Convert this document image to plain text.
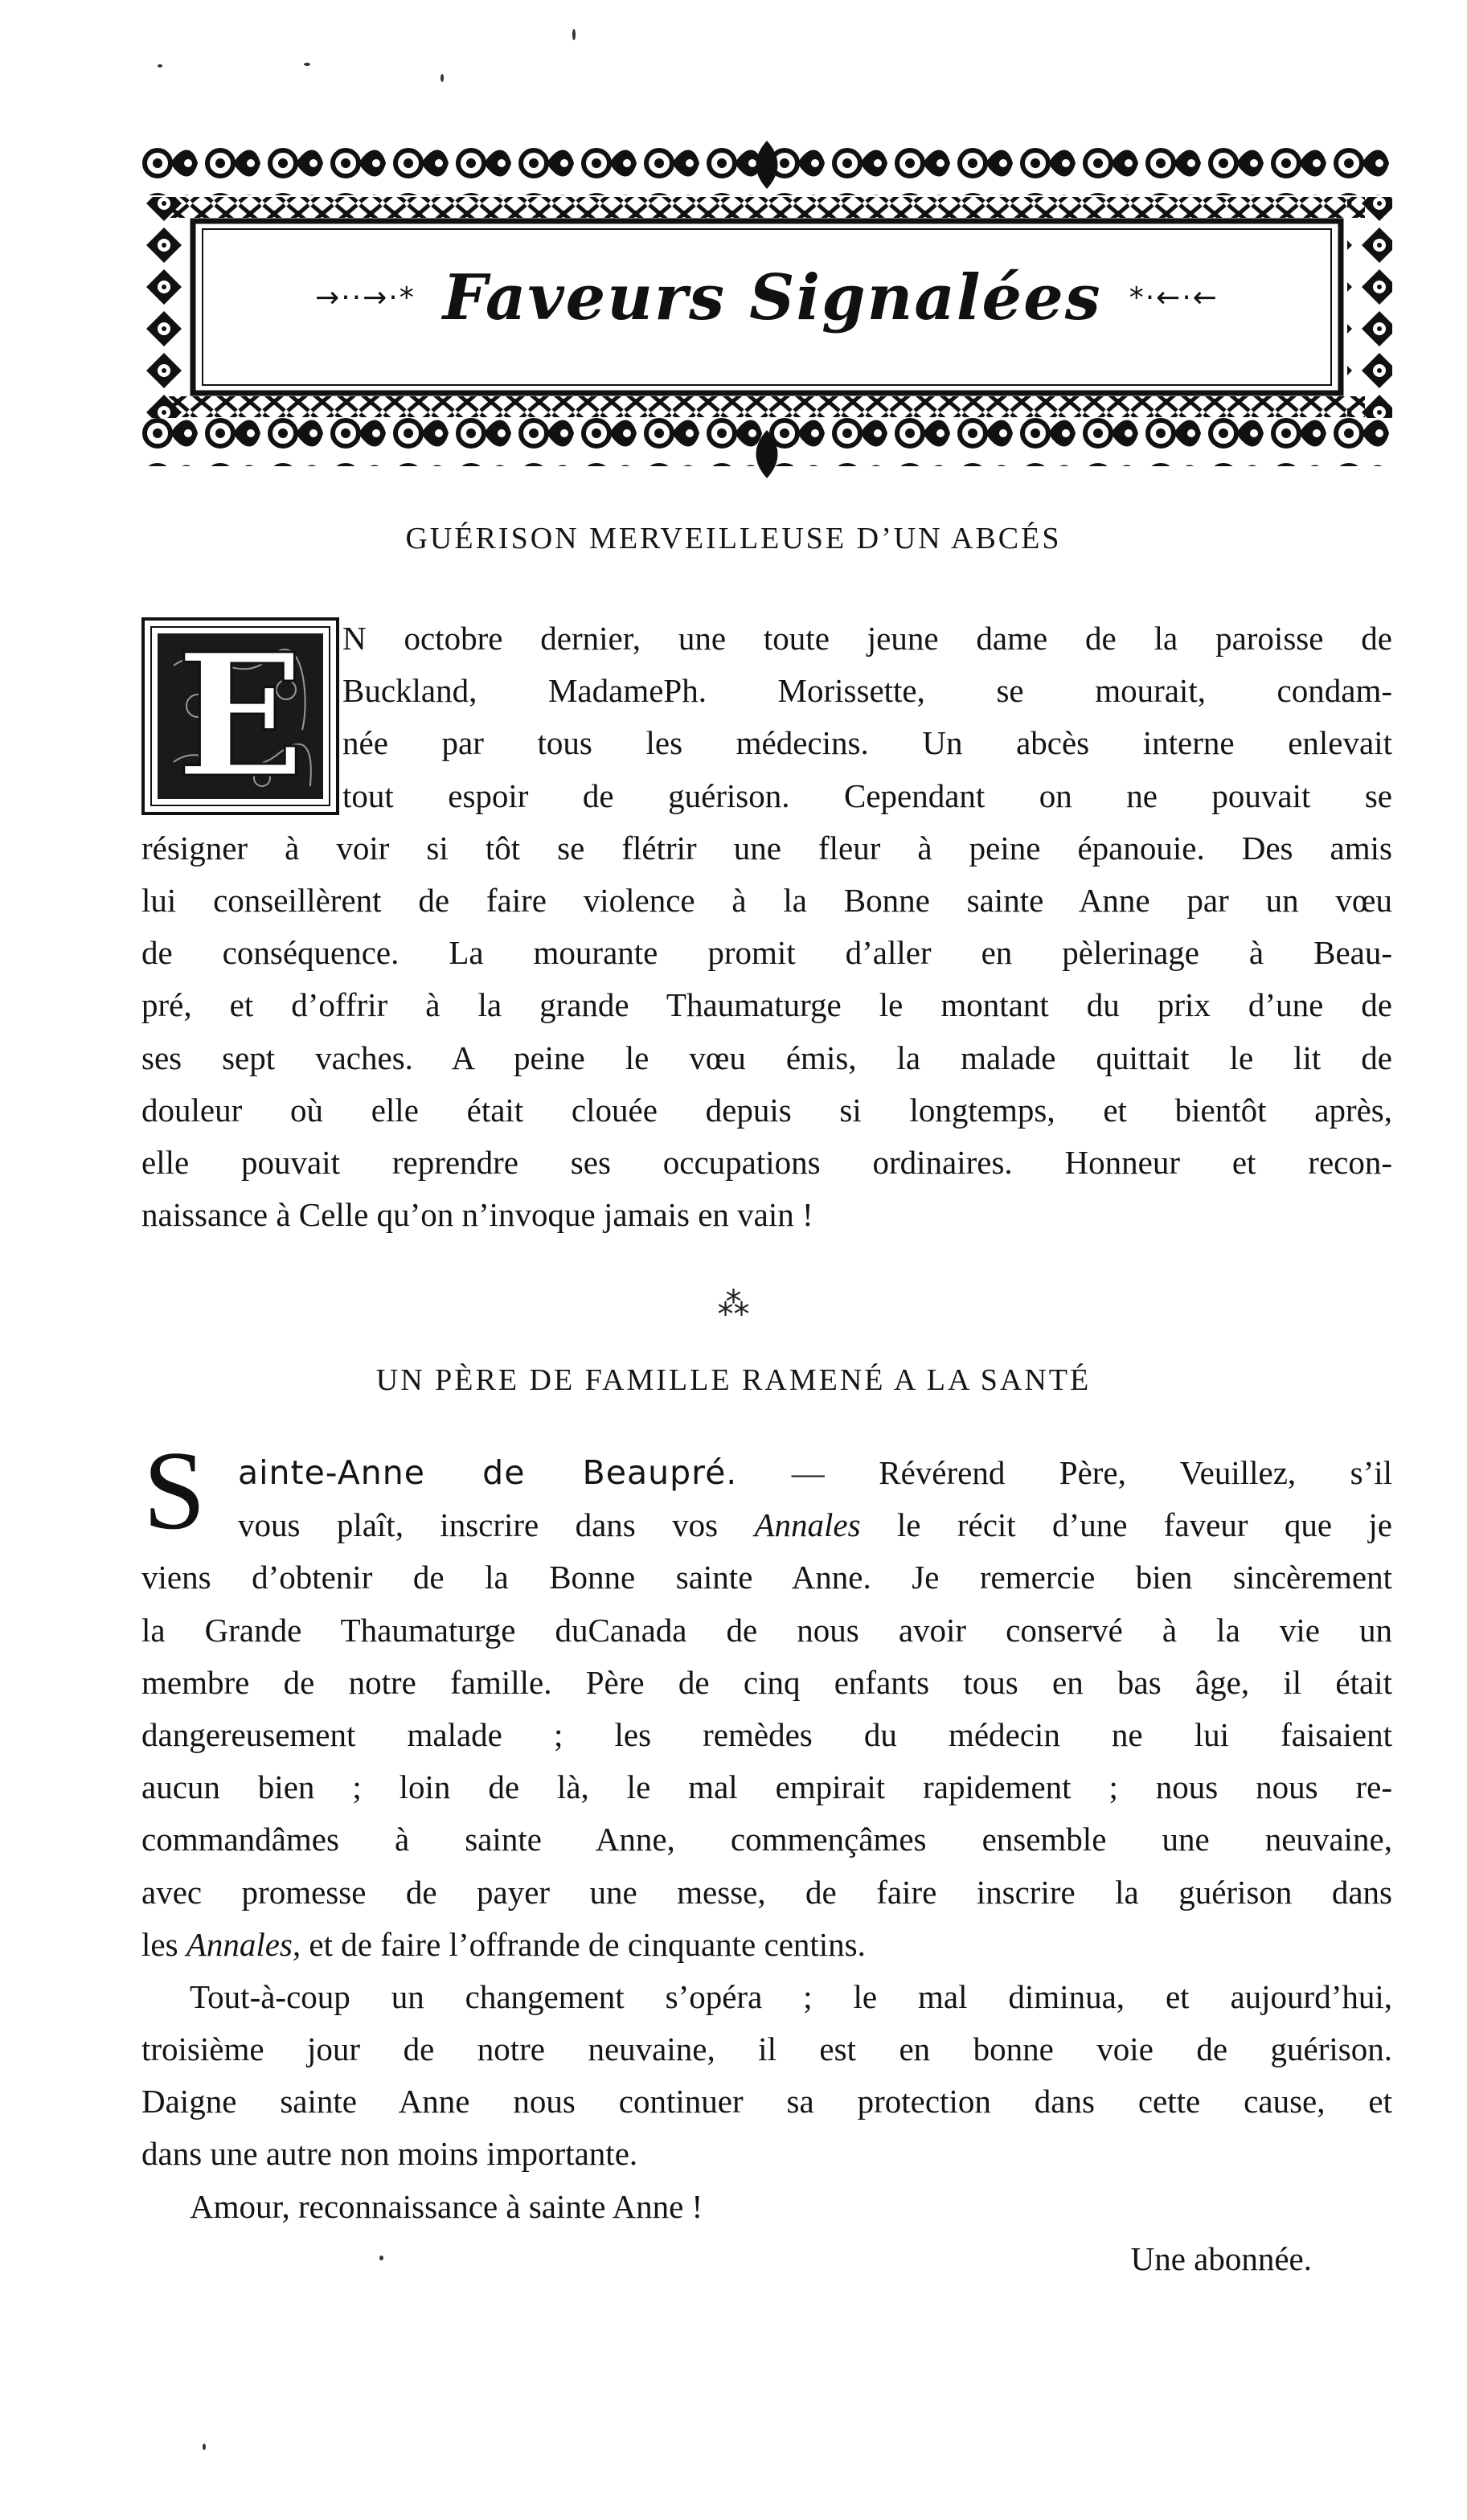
→··→·* Faveurs Signalées *·←·←
GUÉRISON MERVEILLEUSE D’UN ABCÉS
E	N octobre dernier, une toute jeune dame de la paroisse de
Buckland, MadamePh. Morissette, se mourait, condam-
née par tous les médecins. Un abcès interne enlevait
tout espoir de guérison. Cependant on ne pouvait se
résigner à voir si tôt se flétrir une fleur à peine épanouie. Des amis
lui conseillèrent de faire violence à la Bonne sainte Anne par un vœu
de conséquence. La mourante promit d’aller en pèlerinage à Beau-
pré, et d’offrir à la grande Thaumaturge le montant du prix d’une de
ses sept vaches. A peine le vœu émis, la malade quittait le lit de
douleur où elle était clouée depuis si longtemps, et bientôt après,
elle pouvait reprendre ses occupations ordinaires. Honneur et recon-
naissance à Celle qu’on n’invoque jamais en vain !
⁂
UN PÈRE DE FAMILLE RAMENÉ A LA SANTÉ
S ainte-Anne de Beaupré. — Révérend Père, Veuillez, s’il
vous plaît, inscrire dans vos Annales le récit d’une faveur que je
viens d’obtenir de la Bonne sainte Anne. Je remercie bien sincèrement
la Grande Thaumaturge duCanada de nous avoir conservé à la vie un
membre de notre famille. Père de cinq enfants tous en bas âge, il était
dangereusement malade ; les remèdes du médecin ne lui faisaient
aucun bien ; loin de là, le mal empirait rapidement ; nous nous re-
commandâmes à sainte Anne, commençâmes ensemble une neuvaine,
avec promesse de payer une messe, de faire inscrire la guérison dans
les Annales, et de faire l’offrande de cinquante centins.
Tout-à-coup un changement s’opéra ; le mal diminua, et aujourd’hui,
troisième jour de notre neuvaine, il est en bonne voie de guérison.
Daigne sainte Anne nous continuer sa protection dans cette cause, et
dans une autre non moins importante.
Amour, reconnaissance à sainte Anne !
Une abonnée.
